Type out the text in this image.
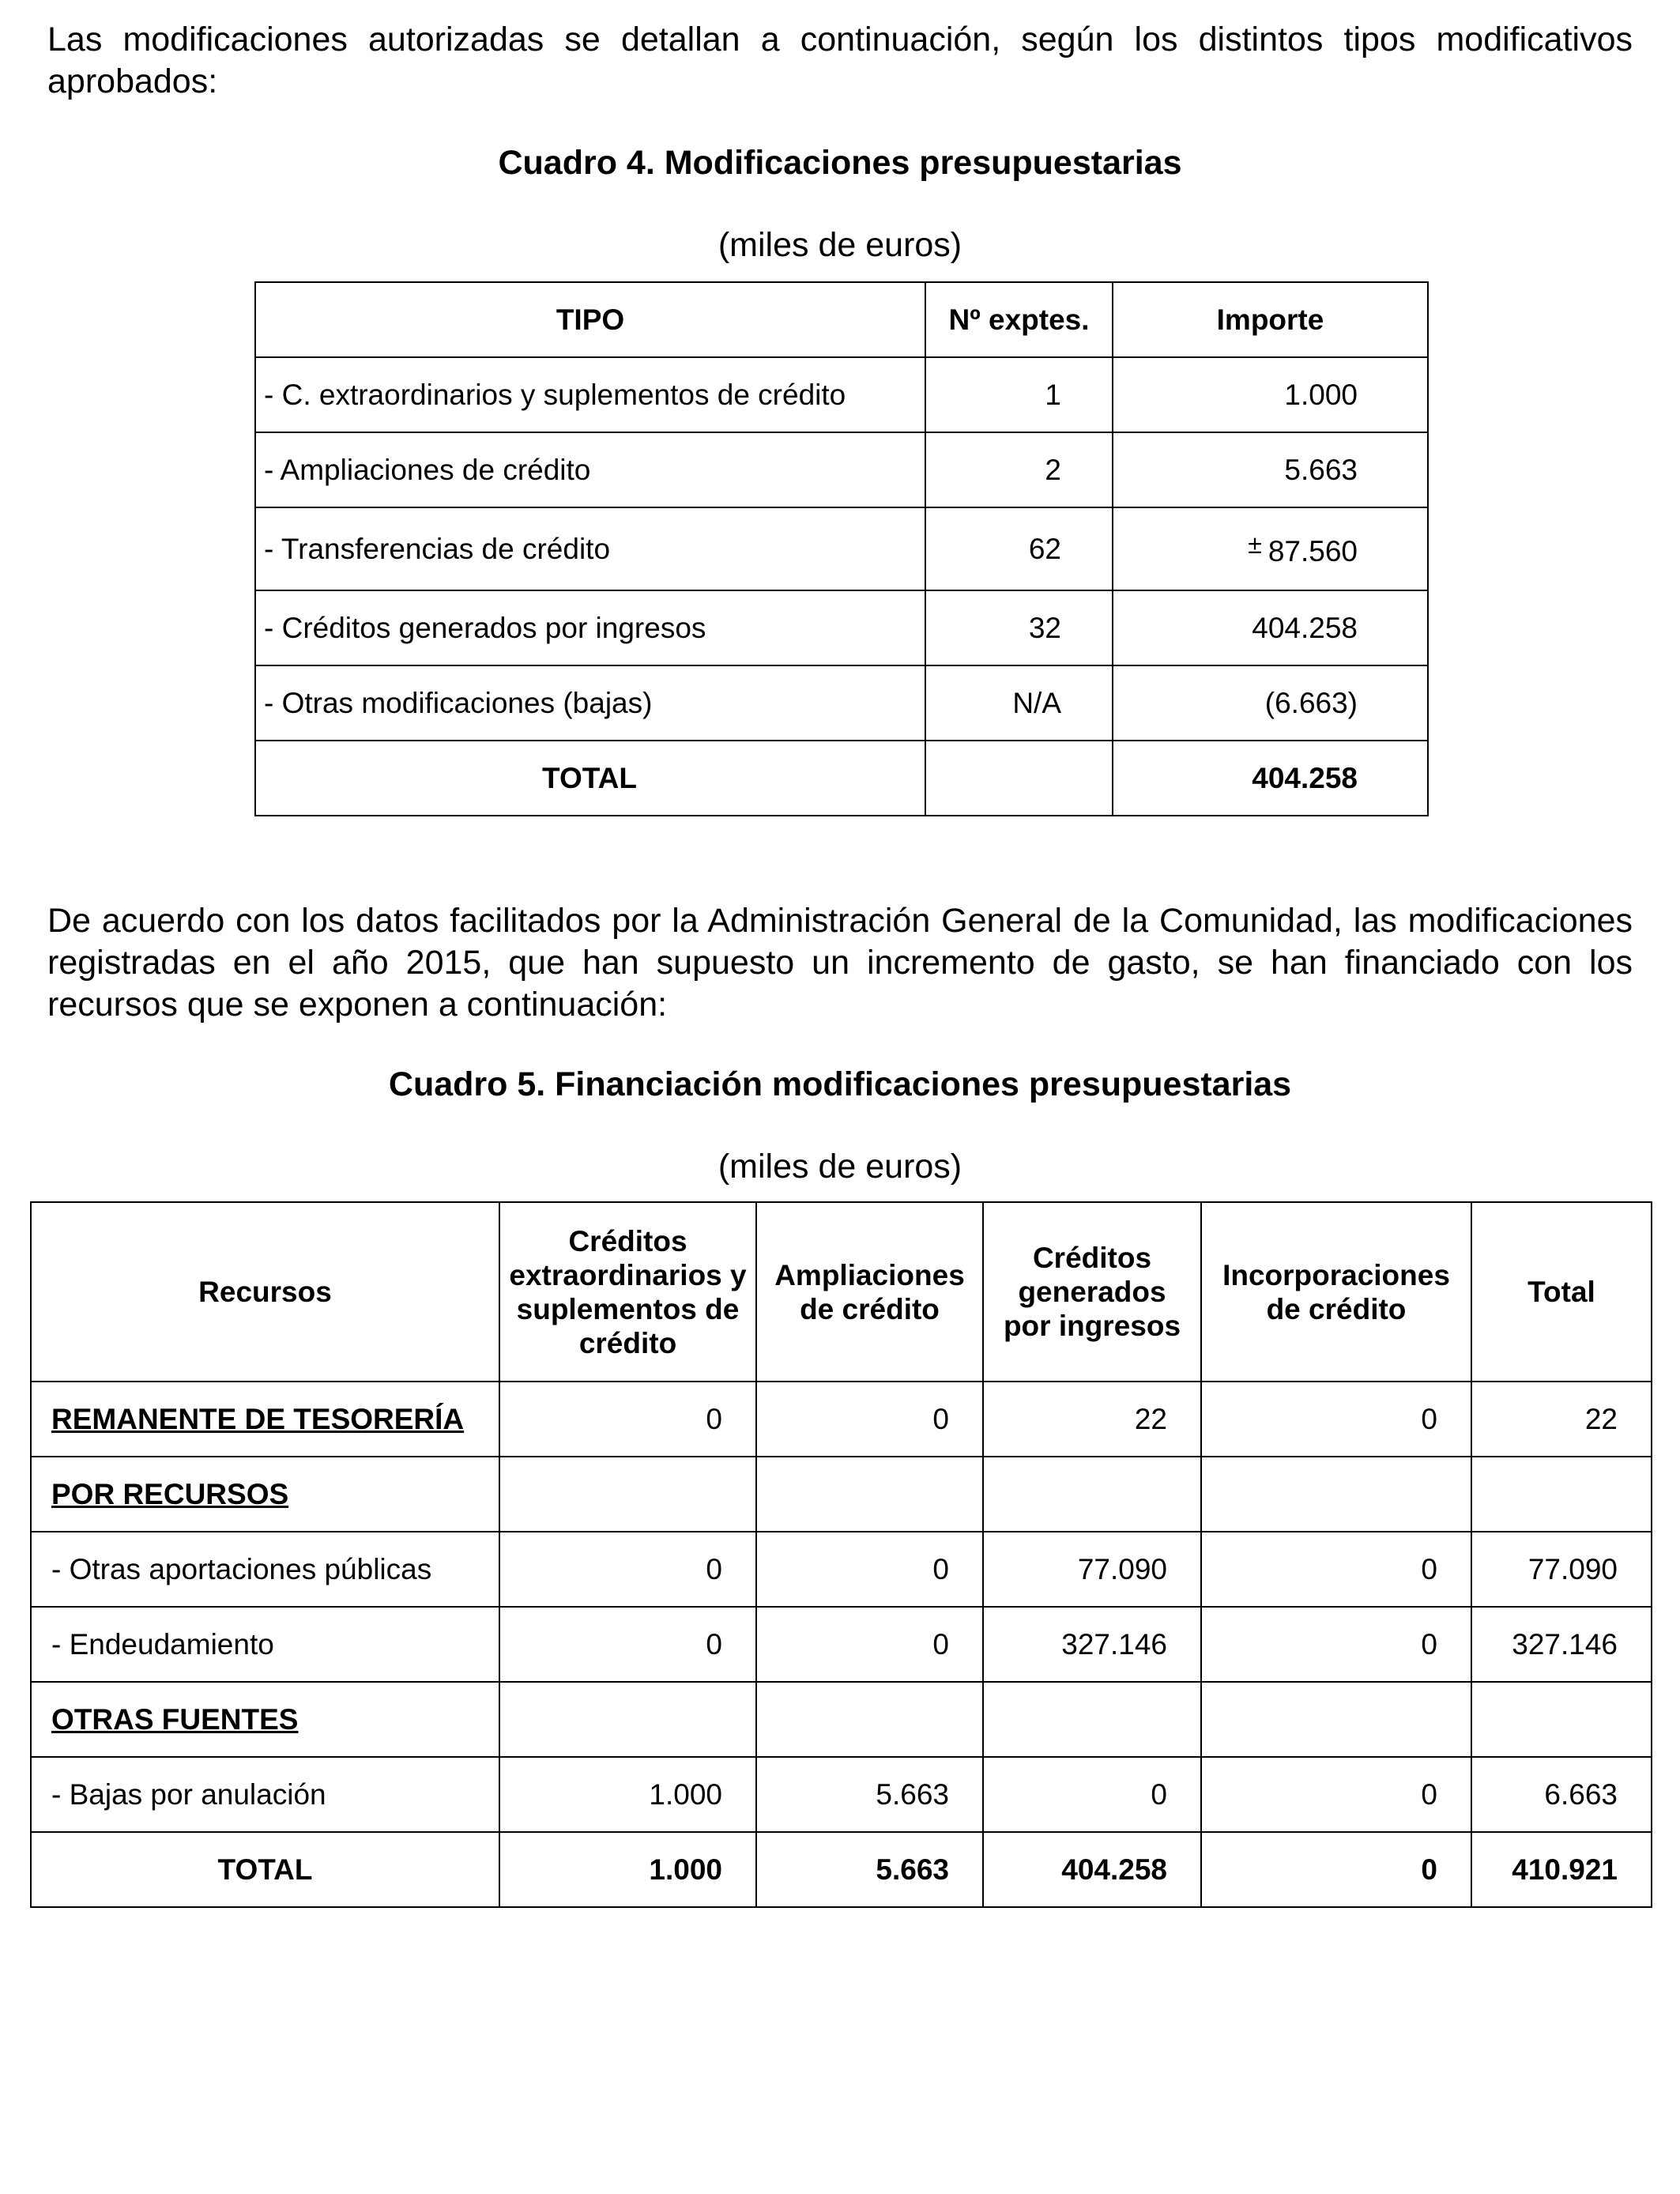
Las modificaciones autorizadas se detallan a continuación, según los distintos tipos modificativos aprobados:

Cuadro 4. Modificaciones presupuestarias

(miles de euros)

TIPO	Nº exptes.	Importe
- C. extraordinarios y suplementos de crédito	1	1.000
- Ampliaciones de crédito	2	5.663
- Transferencias de crédito	62	± 87.560
- Créditos generados por ingresos	32	404.258
- Otras modificaciones (bajas)	N/A	(6.663)
TOTAL		404.258

De acuerdo con los datos facilitados por la Administración General de la Comunidad, las modificaciones registradas en el año 2015, que han supuesto un incremento de gasto, se han financiado con los recursos que se exponen a continuación:

Cuadro 5. Financiación modificaciones presupuestarias

(miles de euros)

Recursos	Créditos extraordinarios y suplementos de crédito	Ampliaciones de crédito	Créditos generados por ingresos	Incorporaciones de crédito	Total
REMANENTE DE TESORERÍA	0	0	22	0	22
POR RECURSOS					
- Otras aportaciones públicas	0	0	77.090	0	77.090
- Endeudamiento	0	0	327.146	0	327.146
OTRAS FUENTES					
- Bajas por anulación	1.000	5.663	0	0	6.663
TOTAL	1.000	5.663	404.258	0	410.921
